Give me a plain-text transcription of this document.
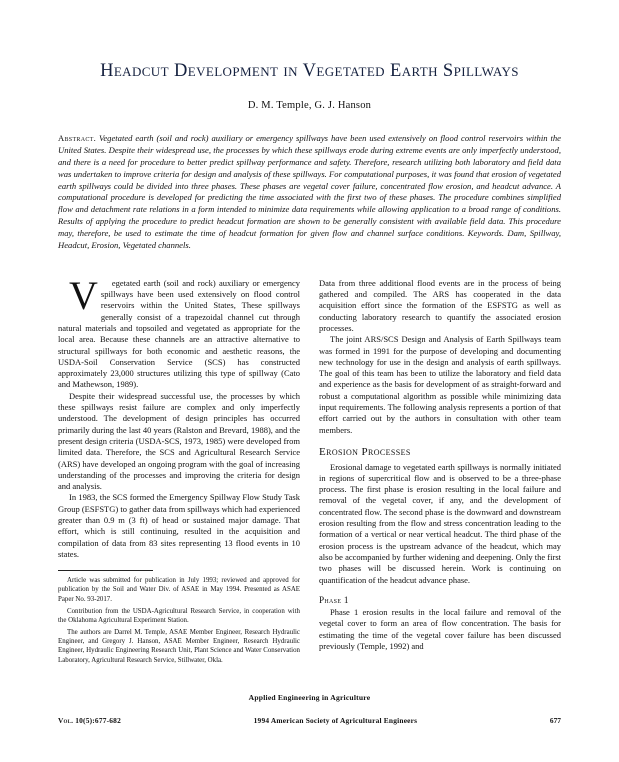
Headcut Development in Vegetated Earth Spillways
D. M. Temple, G. J. Hanson
Abstract. Vegetated earth (soil and rock) auxiliary or emergency spillways have been used extensively on flood control reservoirs within the United States. Despite their widespread use, the processes by which these spillways erode during extreme events are only imperfectly understood, and there is a need for procedure to better predict spillway performance and safety. Therefore, research utilizing both laboratory and field data was undertaken to improve criteria for design and analysis of these spillways. For computational purposes, it was found that erosion of vegetated earth spillways could be divided into three phases. These phases are vegetal cover failure, concentrated flow erosion, and headcut advance. A computational procedure is developed for predicting the time associated with the first two of these phases. The procedure combines simplified flow and detachment rate relations in a form intended to minimize data requirements while allowing application to a broad range of conditions. Results of applying the procedure to predict headcut formation are shown to be generally consistent with available field data. This procedure may, therefore, be used to estimate the time of headcut formation for given flow and channel surface conditions. Keywords. Dam, Spillway, Headcut, Erosion, Vegetated channels.

V egetated earth (soil and rock) auxiliary or emergency spillways have been used extensively on flood control reservoirs within the United States, These spillways generally consist of a trapezoidal channel cut through natural materials and topsoiled and vegetated as appropriate for the local area. Because these channels are an attractive alternative to structural spillways for both economic and aesthetic reasons, the USDA-Soil Conservation Service (SCS) has constructed approximately 23,000 structures utilizing this type of spillway (Cato and Mathewson, 1989).

Despite their widespread successful use, the processes by which these spillways resist failure are complex and only imperfectly understood. The development of design principles has occurred primarily during the last 40 years (Ralston and Brevard, 1988), and the present design criteria (USDA-SCS, 1973, 1985) were developed from limited data. Therefore, the SCS and Agricultural Research Service (ARS) have developed an ongoing program with the goal of increasing understanding of the processes and improving the criteria for design and analysis.

In 1983, the SCS formed the Emergency Spillway Flow Study Task Group (ESFSTG) to gather data from spillways which had experienced greater than 0.9 m (3 ft) of head or sustained major damage. That effort, which is still continuing, resulted in the acquisition and compilation of data from 83 sites representing 13 flood events in 10 states.

Article was submitted for publication in July 1993; reviewed and approved for publication by the Soil and Water Div. of ASAE in May 1994. Presented as ASAE Paper No. 93-2017.

Contribution from the USDA-Agricultural Research Service, in cooperation with the Oklahoma Agricultural Experiment Station.

The authors are Darrel M. Temple, ASAE Member Engineer, Research Hydraulic Engineer, and Gregory J. Hanson, ASAE Member Engineer, Research Hydraulic Engineer, Hydraulic Engineering Research Unit, Plant Science and Water Conservation Laboratory, Agricultural Research Service, Stillwater, Okla.

Data from three additional flood events are in the process of being gathered and compiled. The ARS has cooperated in the data acquisition effort since the formation of the ESFSTG as well as conducting laboratory research to quantify the associated erosion processes.

The joint ARS/SCS Design and Analysis of Earth Spillways team was formed in 1991 for the purpose of developing and documenting new technology for use in the design and analysis of earth spillways. The goal of this team has been to utilize the laboratory and field data and experience as the basis for development of as straight-forward and robust a computational algorithm as possible while minimizing data input requirements. The following analysis represents a portion of that effort carried out by the authors in consultation with other team members.

Erosion Processes

Erosional damage to vegetated earth spillways is normally initiated in regions of supercritical flow and is observed to be a three-phase process. The first phase is erosion resulting in the local failure and removal of the vegetal cover, if any, and the development of concentrated flow. The second phase is the downward and downstream erosion resulting from the flow and stress concentration leading to the formation of a vertical or near vertical headcut. The third phase of the erosion process is the upstream advance of the headcut, which may also be accompanied by further widening and deepening. Only the first two phases will be discussed herein. Work is continuing on quantification of the headcut advance phase.

Phase 1

Phase 1 erosion results in the local failure and removal of the vegetal cover to form an area of flow concentration. The basis for estimating the time of the vegetal cover failure has been discussed previously (Temple, 1992) and

Applied Engineering in Agriculture
Vol. 10(5):677-682	1994 American Society of Agricultural Engineers	677
